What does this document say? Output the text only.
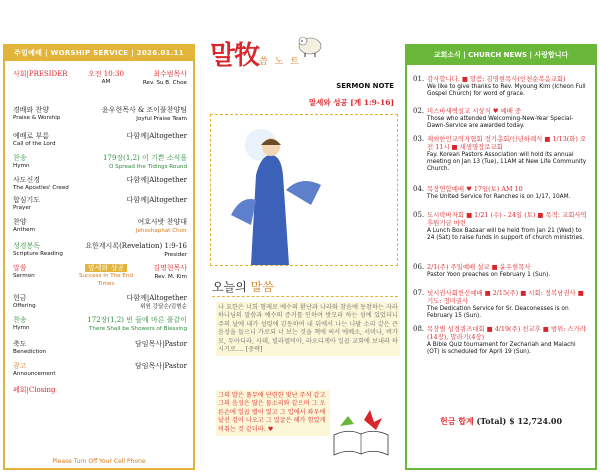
주일예배 | WORSHIP SERVICE | 2026.01.11
사회|PRESIDER	오전 10:30
AM
최수범목사
Rev. Su B. Choe
경배와 찬양
Praise & Worship
윤우현목사 & 조이풀찬양팀
Joyful Praise Team
예배로 부름
Call of the Lord
다함께|Altogether
찬송
Hymn
179장(1,2) 이 기쁜 소식을
O Spread the Tidings Round
사도신경
The Apostles' Creed
다함께|Altogether
합심기도
Prayer
다함께|Altogether
찬양
Anthem
여호사밧 찬양대
Jehoshaphat Choir
성경봉독
Scripture Reading
요한계시록(Revelation) 1:9-16
Presider
말씀
Sermon
말세와 성공
Success In The End Times
김명현목사
Rev. M. Kim
헌금
Offering
다함께|Altogether
위원 강달손/김형순
찬송
Hymn
172장(1,2) 빈 들에 마른 풀같이
There Shall be Showers of Blessing
축도
Benediction
담임목사|Pastor
광고
Announcement
담임목사|Pastor
폐회|Closing
Please Turn Off Your Cell Phone
말牧씀 노 트
SERMON NOTE
말세와 성공 [계 1:9-16]
오늘의 말씀
나 요한은 너희 형제로 예수의 환난과 나라와 참음에 동참하는 자라 하나님의 말씀과 예수의 증거를 인하여 밧모라 하는 섬에 있었더니 주의 날에 내가 성령에 감동하여 내 뒤에서 나는 나팔 소리 같은 큰 음성을 들으니 가로되 너 보는 것을 책에 써서 에베소, 서머나, 버가모, 두아디라, 사데, 빌라델비아, 라오디게아 일곱 교회에 보내라 하시기로.... [중략]
그의 발은 풀무에 단련한 빛난 주석 같고 그의 음성은 많은 물소리와 같으며 그 오른손에 일곱 별이 있고 그 입에서 좌우에 날선 검이 나오고 그 얼굴은 해가 힘있게 비취는 것 같더라. ♥
교회소식 | CHURCH NEWS | 사랑합니다
01. 감사합니다. ■ 말씀: 김명현목사(인천순복음교회)
We like to give thanks to Rev. Myoung Kim (Icheon Full Gospel Church) for word of grace.
02. 미스바새벽설교 시상식 ♥ 예배 중
Those who attended Welcoming-New-Year Special-Dawn-Service are awarded today.
03. 재외한인교역자협회 정기총회/신년하례식 ■ 1/13(화) 오전 11시 ■ 새생명장로교회
Fay. Korean Pastors Association will hold its annual meeting on Jan 13 (Tue), 11AM at New Life Community Church.
04. 목장연합예배 ♥ 17일(토) AM 10
The United Service for Ranches is on 1/17, 10AM.
05. 도시락바자회 ■ 1/21 (수) - 24일 (토) ■ 목적: 교회사역후원기금 마련
A Lunch Box Bazaar will be held from Jan 21 (Wed) to 24 (Sat) to raise funds in support of church ministries.
06. 2/1(주) 주일예배 설교 ■ 윤우현목사
Pastor Yoon preaches on February 1 (Sun).
07. 넛시권사회헌신예배 ■ 2/15(주) ■ 시회: 정복남권사 ■ 기도: 정미권사
The Dedication Service for Sr. Deaconesses is on February 15 (Sun).
08. 목장별 성경퀴즈대회 ■ 4/19(주) 친교후 ■ 범위: 스가랴(14장), 말라기(4장)
A Bible Quiz tournament for Zechariah and Malachi (OT) is scheduled for April 19 (Sun).
헌금 합계 (Total) $ 12,724.00
